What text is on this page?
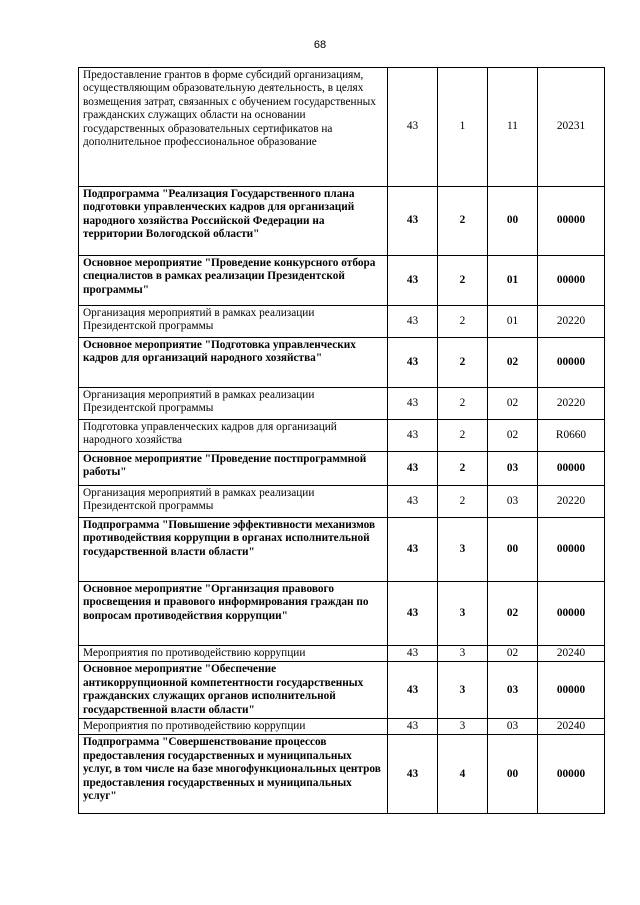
68
Предоставление грантов в форме субсидий организациям, осуществляющим образовательную деятельность, в целях возмещения затрат, связанных с обучением государственных гражданских служащих области на основании государственных образовательных сертификатов на дополнительное профессиональное образование	43	1	11	20231
Подпрограмма "Реализация Государственного плана подготовки управленческих кадров для организаций народного хозяйства Российской Федерации на территории Вологодской области"	43	2	00	00000
Основное мероприятие "Проведение конкурсного отбора специалистов в рамках реализации Президентской программы"	43	2	01	00000
Организация мероприятий в рамках реализации Президентской программы	43	2	01	20220
Основное мероприятие "Подготовка управленческих кадров для организаций народного хозяйства"	43	2	02	00000
Организация мероприятий в рамках реализации Президентской программы	43	2	02	20220
Подготовка управленческих кадров для организаций народного хозяйства	43	2	02	R0660
Основное мероприятие "Проведение постпрограммной работы"	43	2	03	00000
Организация мероприятий в рамках реализации Президентской программы	43	2	03	20220
Подпрограмма "Повышение эффективности механизмов противодействия коррупции в органах исполнительной государственной власти области"	43	3	00	00000
Основное мероприятие "Организация правового просвещения и правового информирования граждан по вопросам противодействия коррупции"	43	3	02	00000
Мероприятия по противодействию коррупции	43	3	02	20240
Основное мероприятие "Обеспечение антикоррупционной компетентности государственных гражданских служащих органов исполнительной государственной власти области"	43	3	03	00000
Мероприятия по противодействию коррупции	43	3	03	20240
Подпрограмма "Совершенствование процессов предоставления государственных и муниципальных услуг, в том числе на базе многофункциональных центров предоставления государственных и муниципальных услуг"	43	4	00	00000
